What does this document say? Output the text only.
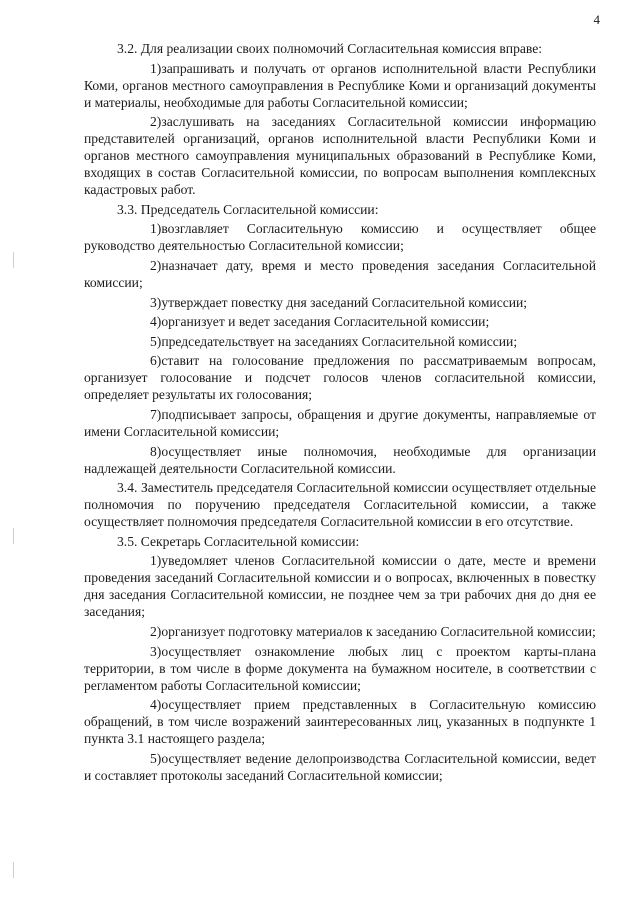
4

3.2. Для реализации своих полномочий Согласительная комиссия вправе:

1)запрашивать и получать от органов исполнительной власти Республики Коми, органов местного самоуправления в Республике Коми и организаций документы и материалы, необходимые для работы Согласительной комиссии;

2)заслушивать на заседаниях Согласительной комиссии информацию представителей организаций, органов исполнительной власти Республики Коми и органов местного самоуправления муниципальных образований в Республике Коми, входящих в состав Согласительной комиссии, по вопросам выполнения комплексных кадастровых работ.

3.3. Председатель Согласительной комиссии:

1)возглавляет Согласительную комиссию и осуществляет общее руководство деятельностью Согласительной комиссии;

2)назначает дату, время и место проведения заседания Согласительной комиссии;

3)утверждает повестку дня заседаний Согласительной комиссии;

4)организует и ведет заседания Согласительной комиссии;

5)председательствует на заседаниях Согласительной комиссии;

6)ставит на голосование предложения по рассматриваемым вопросам, организует голосование и подсчет голосов членов согласительной комиссии, определяет результаты их голосования;

7)подписывает запросы, обращения и другие документы, направляемые от имени Согласительной комиссии;

8)осуществляет иные полномочия, необходимые для организации надлежащей деятельности Согласительной комиссии.

3.4. Заместитель председателя Согласительной комиссии осуществляет отдельные полномочия по поручению председателя Согласительной комиссии, а также осуществляет полномочия председателя Согласительной комиссии в его отсутствие.

3.5. Секретарь Согласительной комиссии:

1)уведомляет членов Согласительной комиссии о дате, месте и времени проведения заседаний Согласительной комиссии и о вопросах, включенных в повестку дня заседания Согласительной комиссии, не позднее чем за три рабочих дня до дня ее заседания;

2)организует подготовку материалов к заседанию Согласительной комиссии;

3)осуществляет ознакомление любых лиц с проектом карты-плана территории, в том числе в форме документа на бумажном носителе, в соответствии с регламентом работы Согласительной комиссии;

4)осуществляет прием представленных в Согласительную комиссию обращений, в том числе возражений заинтересованных лиц, указанных в подпункте 1 пункта 3.1 настоящего раздела;

5)осуществляет ведение делопроизводства Согласительной комиссии, ведет и составляет протоколы заседаний Согласительной комиссии;
